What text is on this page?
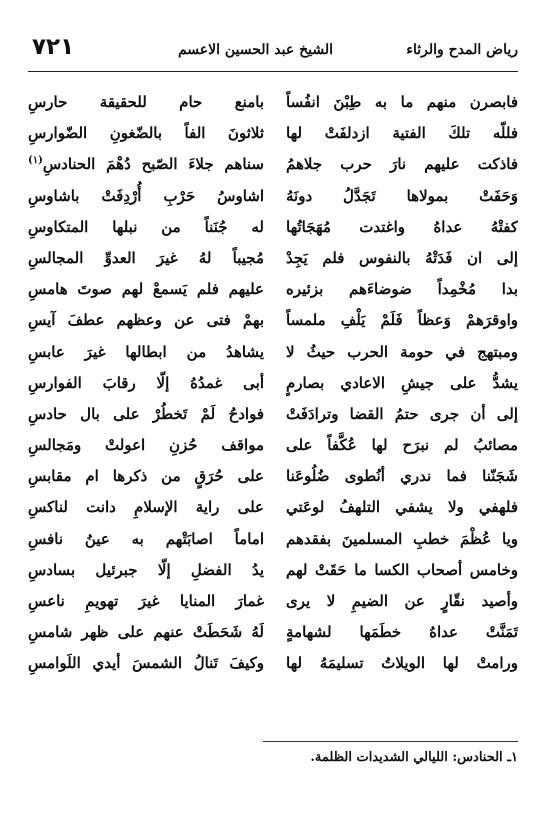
رياض المدح والرثاء
الشيخ عبد الحسين الاعسم
٧٢١
فابصرن منهم ما به طِبْنَ انفُساً
بامنع حام للحقيقة حارسِ
فللّه تلكَ الفتية ازدلفَتْ لها
ثلاثونَ الفاً بالضّغونِ الضّوارسِ
فاذكت عليهم نارَ حرب جلاهمُ
سناهم جلاءَ الصّبح دُهْمَ الحنادسِ$^{(١)}$
وَحَفَتْ بمولاها تَجَدَّلُ دونَهُ
اشاوسُ حَرْبِ أُرْدِفَتْ باشاوسِ
كفتْهُ عداهُ واغتدت مُهَجَاتُها
له جُنَناً من نبلها المتكاوسِ
إلى ان فَدَتْهُ بالنفوس فلم يَجِدْ
مُجيباً لهُ غيرَ العدوِّ المجالسِ
بدا مُخْمِداً ضوضاءَهم بزئيره
عليهم فلم يَسمعْ لهم صوتَ هامسِ
واوقرَهمْ وَعظاً فَلَمْ يَلْفِ ملمساً
بهمْ فتى عن وعظهم عطفَ آيسِ
ومبتهج في حومة الحرب حيثُ لا
يشاهدُ من ابطالها غيرَ عابسِ
يشدُّ على جيشِ الاعادي بصارمٍ
أبى غمدُهُ إلّا رقابَ الفوارسِ
إلى أن جرى حتمُ القضا وترادَفَتْ
فوادحُ لَمْ تَخطُرْ على بال حادسِ
مصائبُ لم نبرَح لها عُكَّفاً على
مواقف حُزنِ اعولتْ ومَجالسِ
شَجَنّنا فما ندري أنُطوى ضُلُوعَنا
على حُرَقٍ من ذكرها ام مقابسِ
فلهفي ولا يشفي التلهفُ لوعَتي
على راية الإسلامِ دانت لناكسِ
ويا عُظْمَ خطبِ المسلمينَ بفقدهم
اماماً اصابَتْهم به عينُ نافسِ
وخامس أصحاب الكسا ما حَقَتْ لهم
يدُ الفضلِ إلّا جبرئيل بسادسِ
وأصيد نقّارٍ عن الضيمِ لا يرى
غمارَ المنايا غيرَ تهويمِ ناعسِ
تَمَنَّتْ عداهُ خطَمَها لشهامةٍ
لَهُ شَحَطَتْ عنهم على ظهر شامسِ
ورامتْ لها الويلاتُ تسليمَهُ لها
وكيفَ تَنالُ الشمسَ أيدي اللَوامسِ
١ـ الحنادس: الليالي الشديدات الظلمة.
